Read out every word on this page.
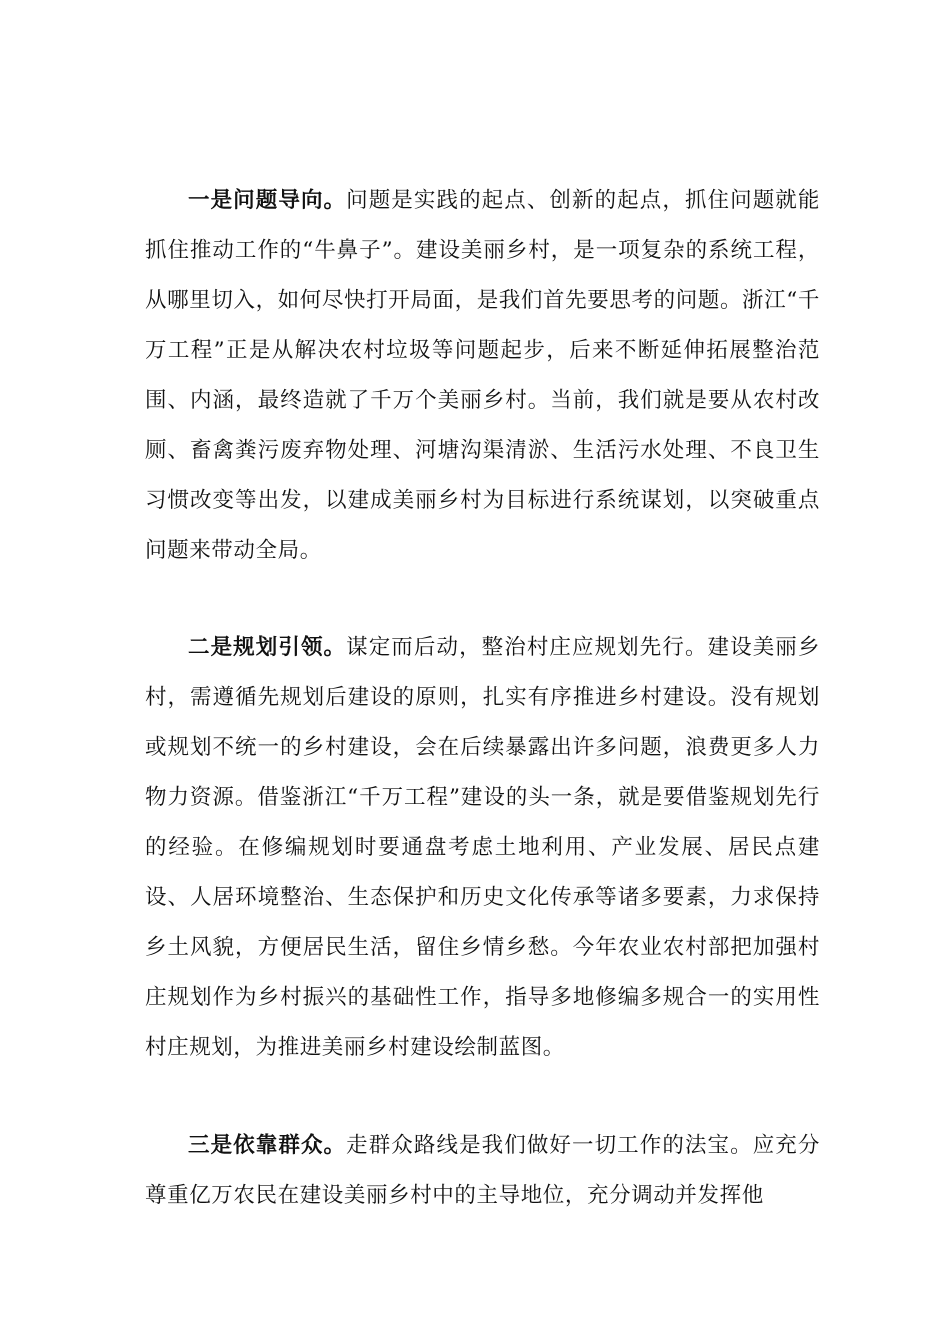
一是问题导向。问题是实践的起点、创新的起点，抓住问题就能抓住推动工作的“牛鼻子”。建设美丽乡村，是一项复杂的系统工程，从哪里切入，如何尽快打开局面，是我们首先要思考的问题。浙江“千万工程”正是从解决农村垃圾等问题起步，后来不断延伸拓展整治范围、内涵，最终造就了千万个美丽乡村。当前，我们就是要从农村改厕、畜禽粪污废弃物处理、河塘沟渠清淤、生活污水处理、不良卫生习惯改变等出发，以建成美丽乡村为目标进行系统谋划，以突破重点问题来带动全局。

二是规划引领。谋定而后动，整治村庄应规划先行。建设美丽乡村，需遵循先规划后建设的原则，扎实有序推进乡村建设。没有规划或规划不统一的乡村建设，会在后续暴露出许多问题，浪费更多人力物力资源。借鉴浙江“千万工程”建设的头一条，就是要借鉴规划先行的经验。在修编规划时要通盘考虑土地利用、产业发展、居民点建设、人居环境整治、生态保护和历史文化传承等诸多要素，力求保持乡土风貌，方便居民生活，留住乡情乡愁。今年农业农村部把加强村庄规划作为乡村振兴的基础性工作，指导多地修编多规合一的实用性村庄规划，为推进美丽乡村建设绘制蓝图。

三是依靠群众。走群众路线是我们做好一切工作的法宝。应充分尊重亿万农民在建设美丽乡村中的主导地位，充分调动并发挥他
